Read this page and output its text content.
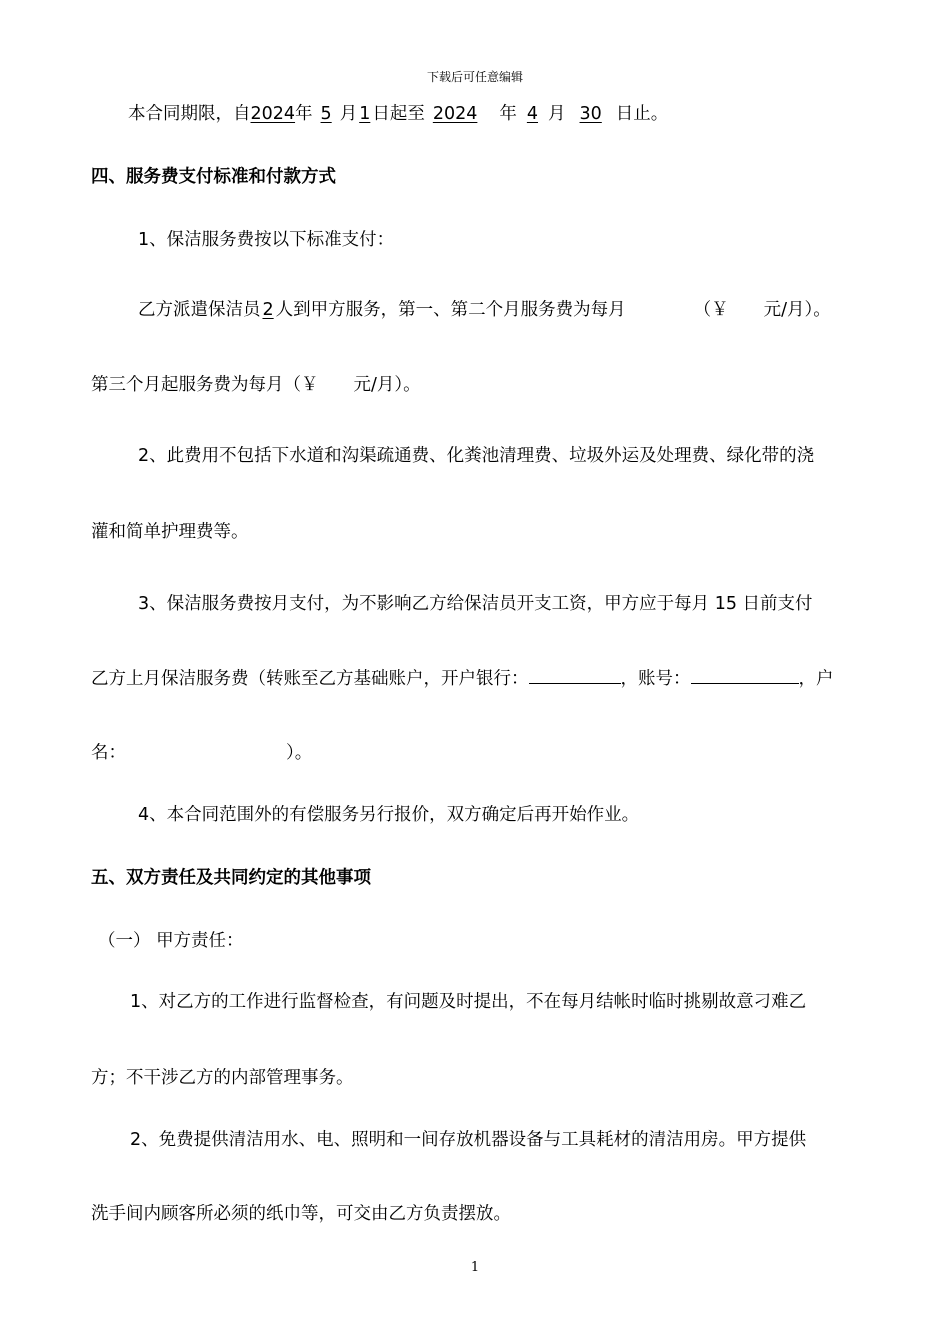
下载后可任意编辑
本合同期限，自2024年 5 月 1 日起至 2024 年 4 月 30 日止。
四、服务费支付标准和付款方式
1、保洁服务费按以下标准支付：
乙方派遣保洁员 2 人到甲方服务，第一、第二个月服务费为每月	（￥　　元/月）。
第三个月起服务费为每月（￥　　元/月）。
2、此费用不包括下水道和沟渠疏通费、化粪池清理费、垃圾外运及处理费、绿化带的浇
灌和简单护理费等。
3、保洁服务费按月支付，为不影响乙方给保洁员开支工资，甲方应于每月 15 日前支付
乙方上月保洁服务费（转账至乙方基础账户，开户银行：	，账号：	，户
名：	）。
4、本合同范围外的有偿服务另行报价，双方确定后再开始作业。
五、双方责任及共同约定的其他事项
（一） 甲方责任：
1、对乙方的工作进行监督检查，有问题及时提出，不在每月结帐时临时挑剔故意刁难乙
方；不干涉乙方的内部管理事务。
2、免费提供清洁用水、电、照明和一间存放机器设备与工具耗材的清洁用房。甲方提供
洗手间内顾客所必须的纸巾等，可交由乙方负责摆放。
1
